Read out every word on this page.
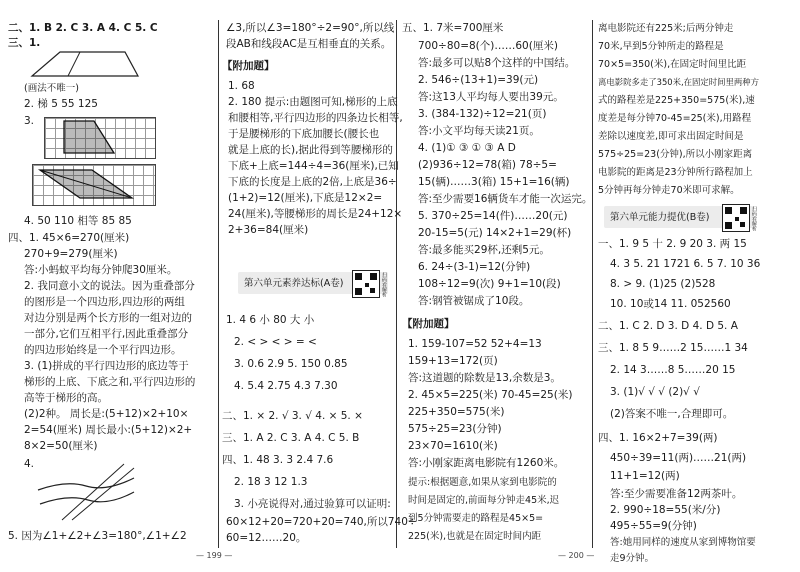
二、1. B 2. C 3. A 4. C 5. C
三、1.
(画法不唯一)
2. 梯 5 55 125
3.
4. 50 110 相等 85 85
四、1. 45×6=270(厘米)
270+9=279(厘米)
答:小蚂蚁平均每分钟爬30厘米。
2. 我同意小文的说法。因为重叠部分
的图形是一个四边形,四边形的两组
对边分别是两个长方形的一组对边的
一部分,它们互相平行,因此重叠部分
的四边形始终是一个平行四边形。
3. (1)拼成的平行四边形的底边等于
梯形的上底、下底之和,平行四边形的
高等于梯形的高。
(2)2种。 周长是:(5+12)×2+10×
2=54(厘米) 周长最小:(5+12)×2+
8×2=50(厘米)
4.
5. 因为∠1+∠2+∠3=180°,∠1+∠2
∠3,所以∠3=180°÷2=90°,所以线
段AB和线段AC是互相垂直的关系。
【附加题】
1. 68
2. 180 提示:由题图可知,梯形的上底
和腰相等,平行四边形的四条边长相等,
于是腰梯形的下底加腰长(腰长也
就是上底的长),据此得到等腰梯形的
下底+上底=144÷4=36(厘米),已知
下底的长度是上底的2倍,上底是36÷
(1+2)=12(厘米),下底是12×2=
24(厘米),等腰梯形的周长是24+12×
2+36=84(厘米)
第六单元素养达标(A卷)	扫码看解析
1. 4 6 小 80 大 小
2. < > < > = <
3. 0.6 2.9 5. 150 0.85
4. 5.4 2.75 4.3 7.30
二、1. × 2. √ 3. √ 4. × 5. ×
三、1. A 2. C 3. A 4. C 5. B
四、1. 48 3. 3 2.4 7.6
2. 18 3 12 1.3
3. 小亮说得对,通过验算可以证明:
60×12+20=720+20=740,所以740÷
60=12……20。
五、1. 7米=700厘米
700÷80=8(个)……60(厘米)
答:最多可以贴8个这样的中国结。
2. 546÷(13+1)=39(元)
答:这13人平均每人要出39元。
3. (384-132)÷12=21(页)
答:小文平均每天读21页。
4. (1)① ③ ① ③ A D
(2)936÷12=78(箱) 78÷5=
15(辆)……3(箱) 15+1=16(辆)
答:至少需要16辆货车才能一次运完。
5. 370÷25=14(件)……20(元)
20-15=5(元) 14×2+1=29(杯)
答:最多能买29杯,还剩5元。
6. 24÷(3-1)=12(分钟)
108÷12=9(次) 9+1=10(段)
答:钢管被锯成了10段。
【附加题】
1. 159-107=52 52+4=13
159+13=172(页)
答:这道题的除数是13,余数是3。
2. 45×5=225(米) 70-45=25(米)
225+350=575(米)
575÷25=23(分钟)
23×70=1610(米)
答:小刚家距离电影院有1260米。
提示:根据题意,如果从家到电影院的
时间是固定的,前面每分钟走45米,迟
到5分钟需要走的路程是45×5=
225(米),也就是在固定时间内距
离电影院还有225米;后两分钟走
70米,早到5分钟所走的路程是
70×5=350(米),在固定时间里比距
离电影院多走了350米,在固定时间里两种方
式的路程差是225+350=575(米),速
度差是每分钟70-45=25(米),用路程
差除以速度差,即可求出固定时间是
575÷25=23(分钟),所以小刚家距离
电影院的距离是23分钟所行路程加上
5分钟再每分钟走70米即可求解。
第六单元能力提优(B卷)	扫码看解析
一、1. 9 5 十 2. 9 20 3. 两 15
4. 3 5. 21 1721 6. 5 7. 10 36
8. > 9. (1)25 (2)528
10. 10或14 11. 052560
二、1. C 2. D 3. D 4. D 5. A
三、1. 8 5 9……2 15……1 34
2. 14 3……8 5……20 15
3. (1)√ √ √ (2)√ √
(2)答案不唯一,合理即可。
四、1. 16×2+7=39(两)
450÷39=11(两)……21(两)
11+1=12(两)
答:至少需要准备12两茶叶。
2. 990÷18=55(米/分)
495÷55=9(分钟)
答:她用同样的速度从家到博物馆要
走9分钟。
— 199 —	— 200 —
